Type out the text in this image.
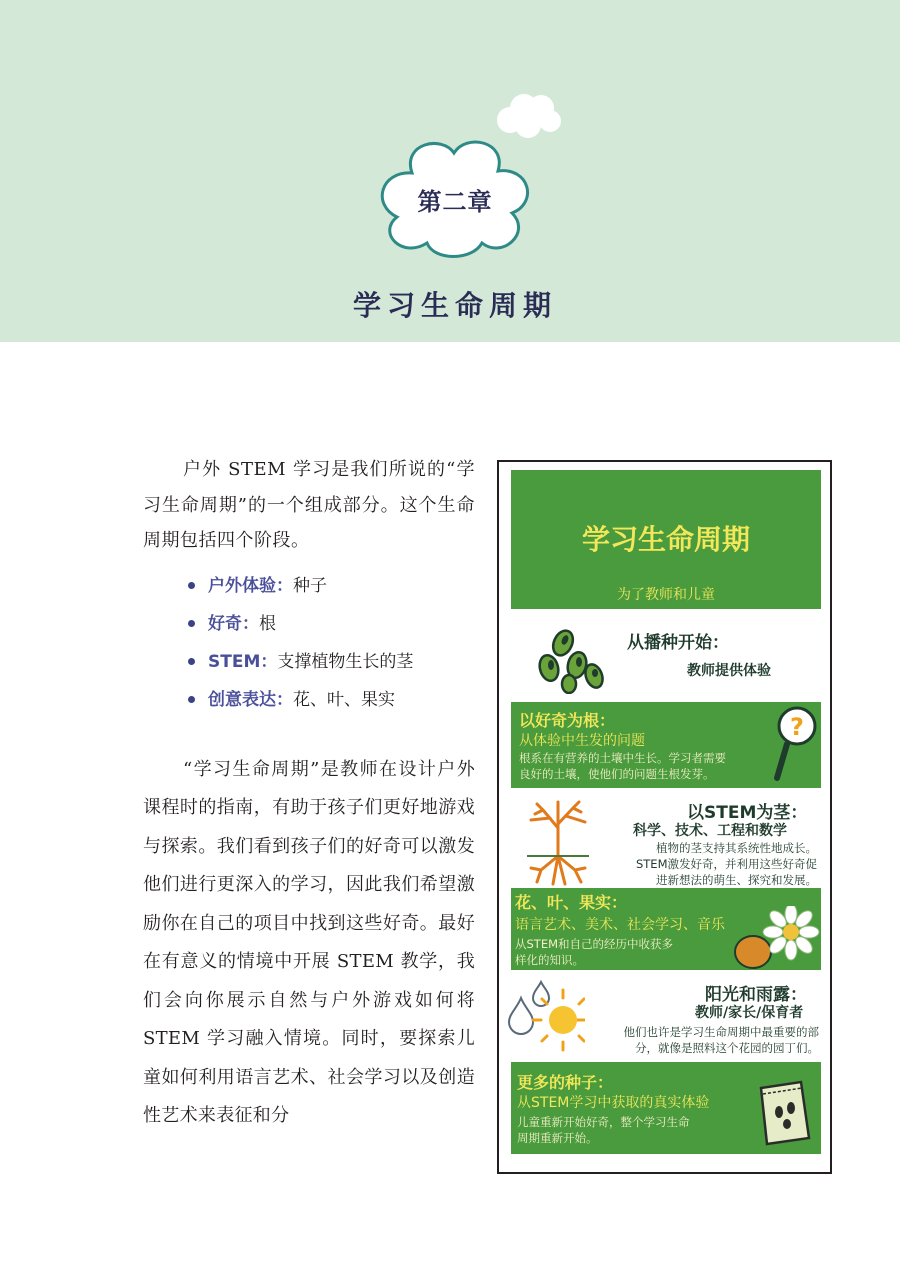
第二章
学习生命周期

户外 STEM 学习是我们所说的“学习生命周期”的一个组成部分。这个生命周期包括四个阶段。

户外体验 ： 种子
好奇 ： 根
STEM ： 支撑植物生长的茎
创意表达 ： 花、叶、果实

“学习生命周期”是教师在设计户外课程时的指南，有助于孩子们更好地游戏与探索。我们看到孩子们的好奇可以激发他们进行更深入的学习，因此我们希望激励你在自己的项目中找到这些好奇。最好在有意义的情境中开展 STEM 教学，我们会向你展示自然与户外游戏如何将 STEM 学习融入情境。同时，要探索儿童如何利用语言艺术、社会学习以及创造性艺术来表征和分

学习生命周期
为了教师和儿童
从播种开始：
教师提供体验
以好奇为根：
从体验中生发的问题
根系在有营养的土壤中生长。学习者需要
良好的土壤，使他们的问题生根发芽。
?
以STEM为茎：
科学、技术、工程和数学
植物的茎支持其系统性地成长。
STEM激发好奇，并利用这些好奇促
进新想法的萌生、探究和发展。
花、叶、果实：
语言艺术、美术、社会学习、音乐
从STEM和自己的经历中收获多
样化的知识。
阳光和雨露：
教师/家长/保育者
他们也许是学习生命周期中最重要的部
分，就像是照料这个花园的园丁们。
更多的种子：
从STEM学习中获取的真实体验
儿童重新开始好奇，整个学习生命
周期重新开始。
